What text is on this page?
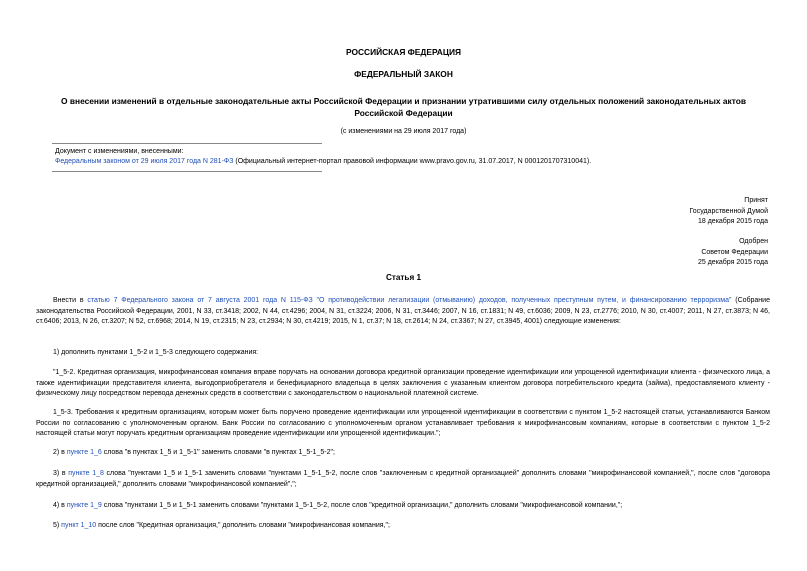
РОССИЙСКАЯ ФЕДЕРАЦИЯ
ФЕДЕРАЛЬНЫЙ ЗАКОН
О внесении изменений в отдельные законодательные акты Российской Федерации и признании утратившими силу отдельных положений законодательных актов Российской Федерации
(с изменениями на 29 июля 2017 года)
Документ с изменениями, внесенными:
Федеральным законом от 29 июля 2017 года N 281-ФЗ (Официальный интернет-портал правовой информации www.pravo.gov.ru, 31.07.2017, N 0001201707310041).
Принят
Государственной Думой
18 декабря 2015 года
Одобрен
Советом Федерации
25 декабря 2015 года
Статья 1
Внести в статью 7 Федерального закона от 7 августа 2001 года N 115-ФЗ "О противодействии легализации (отмыванию) доходов, полученных преступным путем, и финансированию терроризма" (Собрание законодательства Российской Федерации, 2001, N 33, ст.3418; 2002, N 44, ст.4296; 2004, N 31, ст.3224; 2006, N 31, ст.3446; 2007, N 16, ст.1831; N 49, ст.6036; 2009, N 23, ст.2776; 2010, N 30, ст.4007; 2011, N 27, ст.3873; N 46, ст.6406; 2013, N 26, ст.3207; N 52, ст.6968; 2014, N 19, ст.2315; N 23, ст.2934; N 30, ст.4219; 2015, N 1, ст.37; N 18, ст.2614; N 24, ст.3367; N 27, ст.3945, 4001) следующие изменения:
1) дополнить пунктами 1_5-2 и 1_5-3 следующего содержания:
"1_5-2. Кредитная организация, микрофинансовая компания вправе поручать на основании договора кредитной организации проведение идентификации или упрощенной идентификации клиента - физического лица, а также идентификации представителя клиента, выгодоприобретателя и бенефициарного владельца в целях заключения с указанным клиентом договора потребительского кредита (займа), предоставляемого клиенту - физическому лицу посредством перевода денежных средств в соответствии с законодательством о национальной платежной системе.
1_5-3. Требования к кредитным организациям, которым может быть поручено проведение идентификации или упрощенной идентификации в соответствии с пунктом 1_5-2 настоящей статьи, устанавливаются Банком России по согласованию с уполномоченным органом. Банк России по согласованию с уполномоченным органом устанавливает требования к микрофинансовым компаниям, которые в соответствии с пунктом 1_5-2 настоящей статьи могут поручать кредитным организациям проведение идентификации или упрощенной идентификации.";
2) в пункте 1_6 слова "в пунктах 1_5 и 1_5-1" заменить словами "в пунктах 1_5-1_5-2";
3) в пункте 1_8 слова "пунктами 1_5 и 1_5-1 заменить словами "пунктами 1_5-1_5-2, после слов "заключенным с кредитной организацией" дополнить словами "микрофинансовой компанией,", после слов "договора кредитной организацией," дополнить словами "микрофинансовой компанией",";
4) в пункте 1_9 слова "пунктами 1_5 и 1_5-1 заменить словами "пунктами 1_5-1_5-2, после слов "кредитной организации," дополнить словами "микрофинансовой компании,";
5) пункт 1_10 после слов "Кредитная организация," дополнить словами "микрофинансовая компания,";
